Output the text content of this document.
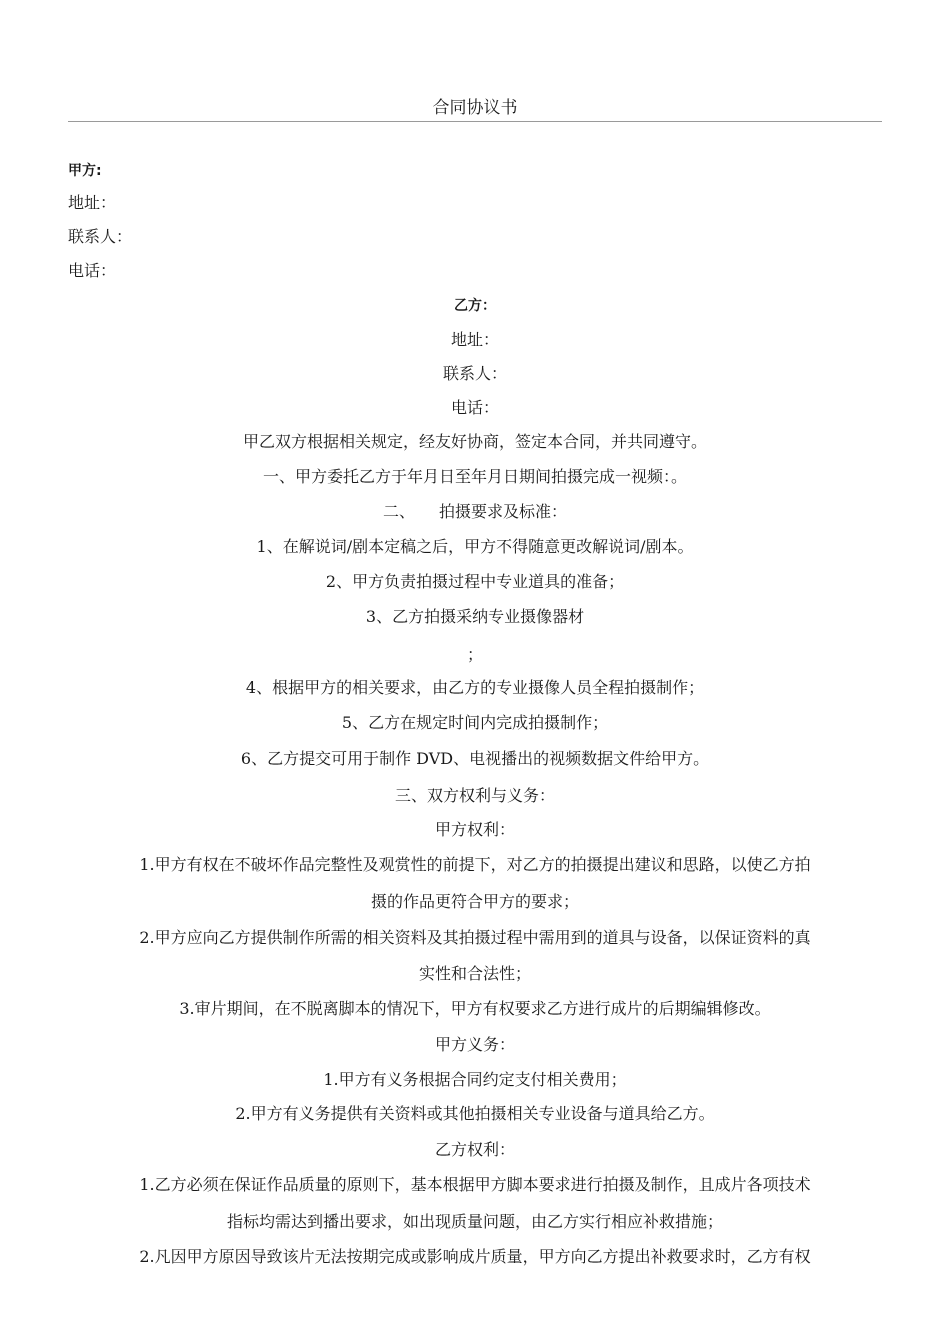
合同协议书
甲方:
地址：
联系人：
电话：
乙方：
地址：
联系人：
电话：
甲乙双方根据相关规定，经友好协商，签定本合同，并共同遵守。
一、甲方委托乙方于年月日至年月日期间拍摄完成一视频：。
二、　　拍摄要求及标准：
1、在解说词/剧本定稿之后，甲方不得随意更改解说词/剧本。
2、甲方负责拍摄过程中专业道具的准备；
3、乙方拍摄采纳专业摄像器材
；
4、根据甲方的相关要求，由乙方的专业摄像人员全程拍摄制作；
5、乙方在规定时间内完成拍摄制作；
6、乙方提交可用于制作 DVD、电视播出的视频数据文件给甲方。
三、双方权利与义务：
甲方权利：
1.甲方有权在不破坏作品完整性及观赏性的前提下，对乙方的拍摄提出建议和思路，以使乙方拍
摄的作品更符合甲方的要求；
2.甲方应向乙方提供制作所需的相关资料及其拍摄过程中需用到的道具与设备，以保证资料的真
实性和合法性；
3.审片期间，在不脱离脚本的情况下，甲方有权要求乙方进行成片的后期编辑修改。
甲方义务：
1.甲方有义务根据合同约定支付相关费用；
2.甲方有义务提供有关资料或其他拍摄相关专业设备与道具给乙方。
乙方权利：
1.乙方必须在保证作品质量的原则下，基本根据甲方脚本要求进行拍摄及制作，且成片各项技术
指标均需达到播出要求，如出现质量问题，由乙方实行相应补救措施；
2.凡因甲方原因导致该片无法按期完成或影响成片质量，甲方向乙方提出补救要求时，乙方有权
